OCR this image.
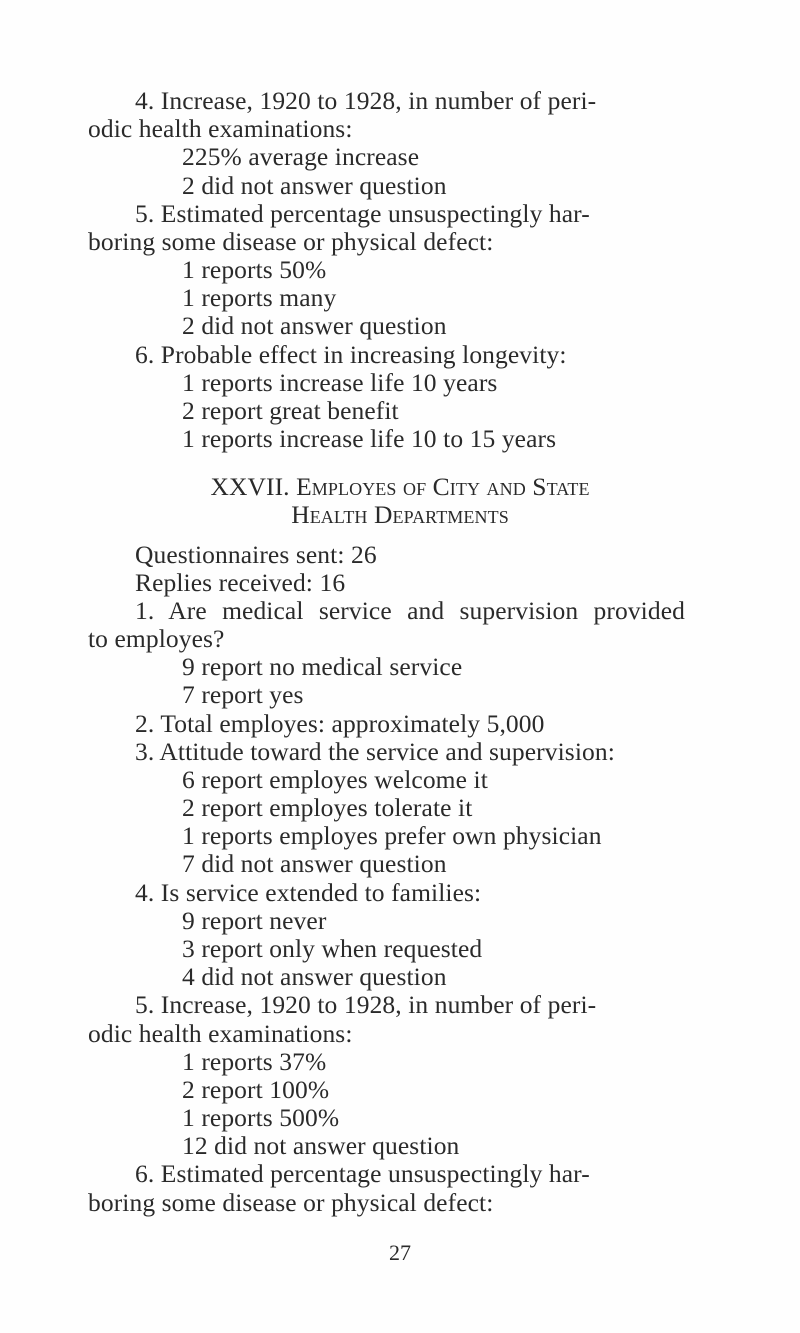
4. Increase, 1920 to 1928, in number of peri-
odic health examinations:
225% average increase
2 did not answer question
5. Estimated percentage unsuspectingly har-
boring some disease or physical defect:
1 reports 50%
1 reports many
2 did not answer question
6. Probable effect in increasing longevity:
1 reports increase life 10 years
2 report great benefit
1 reports increase life 10 to 15 years
XXVII. Employes of City and State
Health Departments
Questionnaires sent: 26
Replies received: 16
1. Are medical service and supervision provided
to employes?
9 report no medical service
7 report yes
2. Total employes: approximately 5,000
3. Attitude toward the service and supervision:
6 report employes welcome it
2 report employes tolerate it
1 reports employes prefer own physician
7 did not answer question
4. Is service extended to families:
9 report never
3 report only when requested
4 did not answer question
5. Increase, 1920 to 1928, in number of peri-
odic health examinations:
1 reports 37%
2 report 100%
1 reports 500%
12 did not answer question
6. Estimated percentage unsuspectingly har-
boring some disease or physical defect:
27
